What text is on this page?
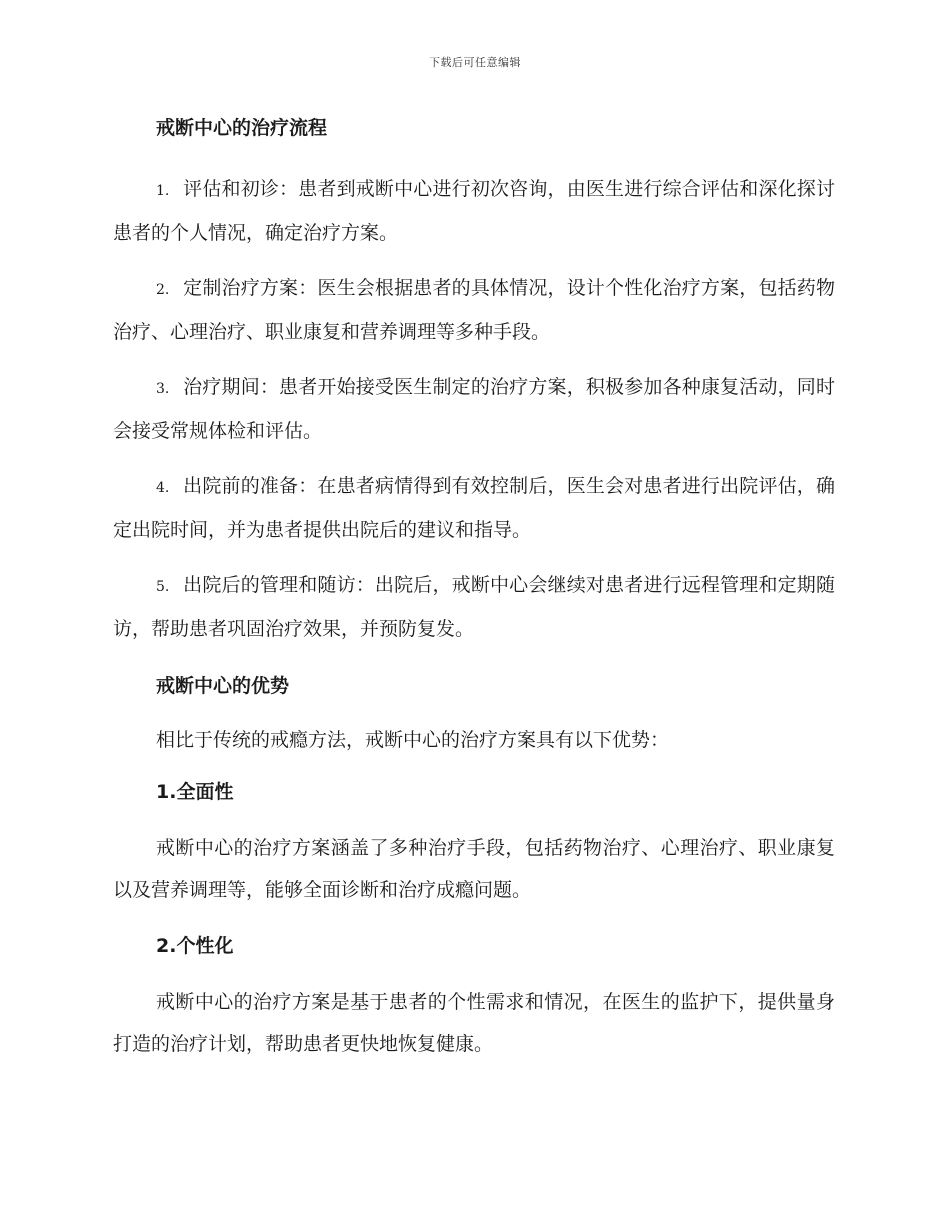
下载后可任意编辑
戒断中心的治疗流程

1. 评估和初诊：患者到戒断中心进行初次咨询，由医生进行综合评估和深化探讨患者的个人情况，确定治疗方案。

2. 定制治疗方案：医生会根据患者的具体情况，设计个性化治疗方案，包括药物治疗、心理治疗、职业康复和营养调理等多种手段。

3. 治疗期间：患者开始接受医生制定的治疗方案，积极参加各种康复活动，同时会接受常规体检和评估。

4. 出院前的准备：在患者病情得到有效控制后，医生会对患者进行出院评估，确定出院时间，并为患者提供出院后的建议和指导。

5. 出院后的管理和随访：出院后，戒断中心会继续对患者进行远程管理和定期随访，帮助患者巩固治疗效果，并预防复发。

戒断中心的优势

相比于传统的戒瘾方法，戒断中心的治疗方案具有以下优势：

1.全面性

戒断中心的治疗方案涵盖了多种治疗手段，包括药物治疗、心理治疗、职业康复以及营养调理等，能够全面诊断和治疗成瘾问题。

2.个性化

戒断中心的治疗方案是基于患者的个性需求和情况，在医生的监护下，提供量身打造的治疗计划，帮助患者更快地恢复健康。
